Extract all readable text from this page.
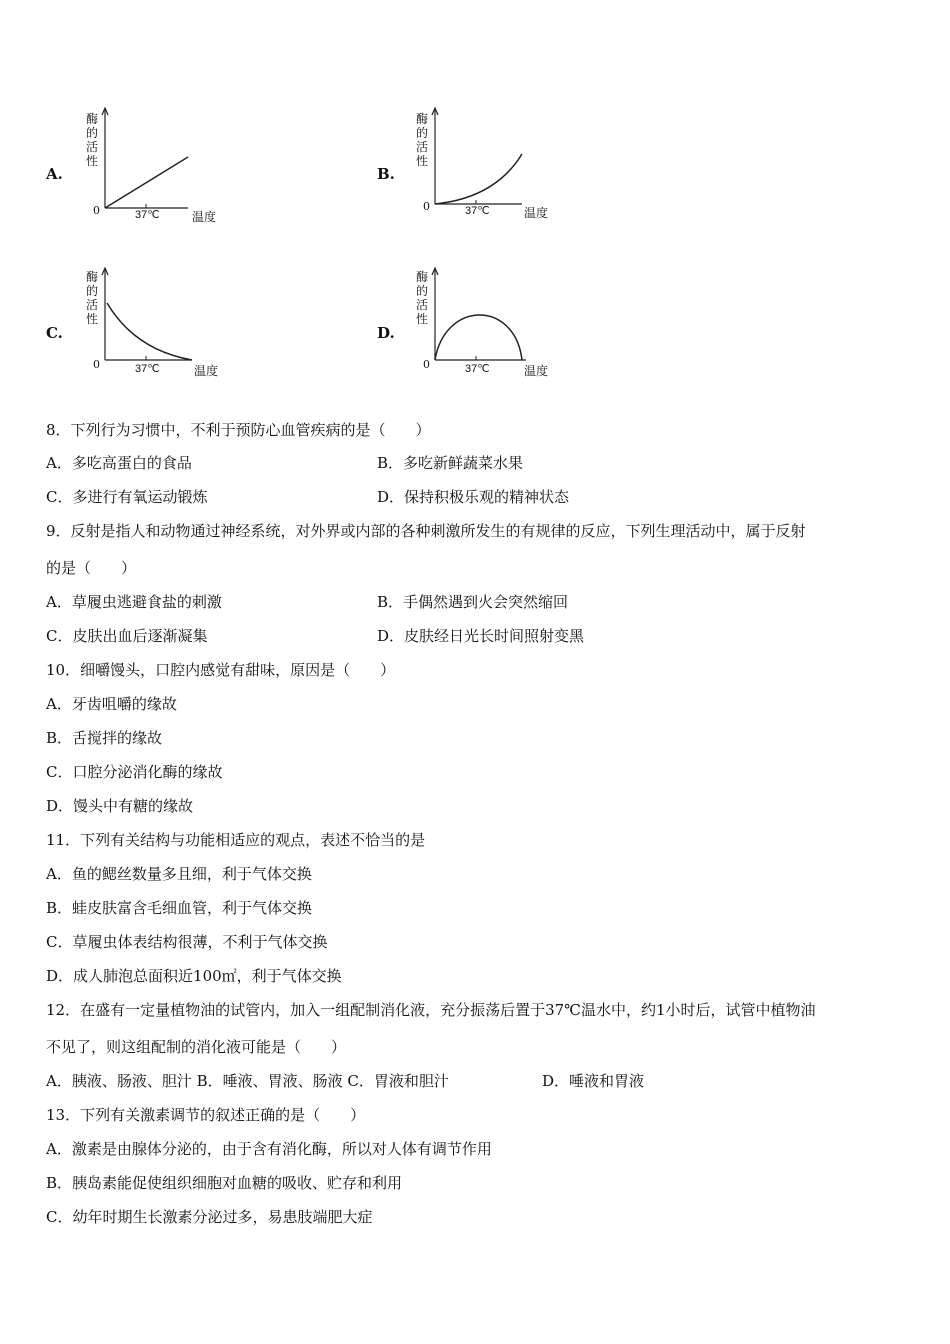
A.
酶
的
活
性
0	37℃	温度
B.
酶
的
活
性
0	37℃	温度
C.
酶
的
活
性
0	37℃	温度
D.
酶
的
活
性
0	37℃	温度
8．下列行为习惯中，不利于预防心血管疾病的是（　　）
A．多吃高蛋白的食品	B．多吃新鲜蔬菜水果
C．多进行有氧运动锻炼	D．保持积极乐观的精神状态
9．反射是指人和动物通过神经系统，对外界或内部的各种刺激所发生的有规律的反应，下列生理活动中，属于反射
的是（　　）
A．草履虫逃避食盐的刺激	B．手偶然遇到火会突然缩回
C．皮肤出血后逐渐凝集	D．皮肤经日光长时间照射变黑
10．细嚼馒头，口腔内感觉有甜味，原因是（　　）
A．牙齿咀嚼的缘故
B．舌搅拌的缘故
C．口腔分泌消化酶的缘故
D．馒头中有糖的缘故
11．下列有关结构与功能相适应的观点，表述不恰当的是
A．鱼的鳃丝数量多且细，利于气体交换
B．蛙皮肤富含毛细血管，利于气体交换
C．草履虫体表结构很薄，不利于气体交换
D．成人肺泡总面积近100㎡，利于气体交换
12．在盛有一定量植物油的试管内，加入一组配制消化液，充分振荡后置于37℃温水中，约1小时后，试管中植物油
不见了，则这组配制的消化液可能是（　　）
A．胰液、肠液、胆汁 B．唾液、胃液、肠液 C．胃液和胆汁	D．唾液和胃液
13．下列有关激素调节的叙述正确的是（　　）
A．激素是由腺体分泌的，由于含有消化酶，所以对人体有调节作用
B．胰岛素能促使组织细胞对血糖的吸收、贮存和利用
C．幼年时期生长激素分泌过多，易患肢端肥大症
